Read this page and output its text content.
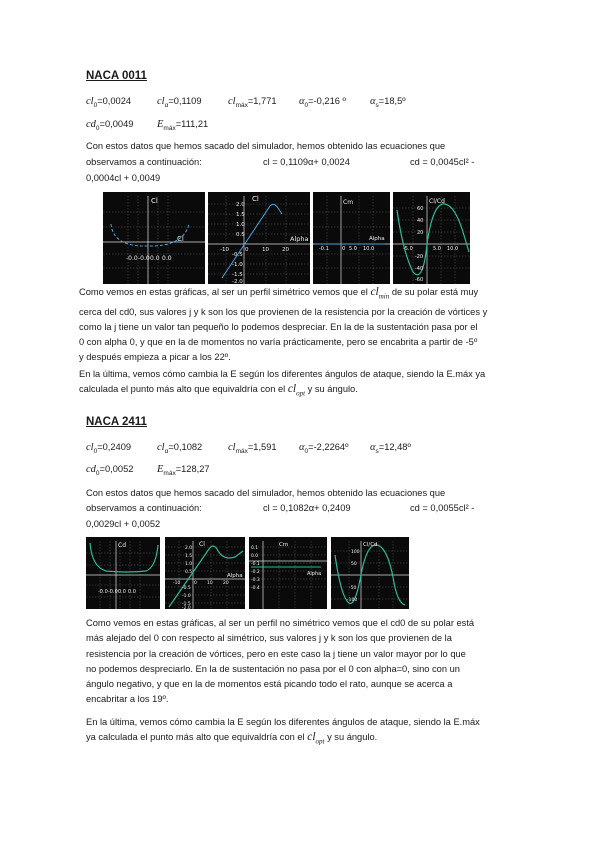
NACA 0011
$cl_0=0,0024$ $cl_\alpha=0,1109$	$cl_{máx}=1,771$ $\alpha_0=-0,216$ º $\alpha_s=18,5º$
$cd_0=0,0049$ $E_{máx}=111,21$
Con estos datos que hemos sacado del simulador, hemos obtenido las ecuaciones que
observamos a continuación:	cl = 0,1109α+ 0,0024	cd = 0,0045cl² -
0,0004cl + 0,0049
Cl
Cl
-0.0 -0.0 0.0 0.0
Cl
Alpha
2.0
1.5
1.0
0.5
-0.5
-1.0
-1.5
-2.0
-10	0 10 20
Cm
Alpha
-0.1	0 5.0 10.0
Cl/Cd
60
40
20
-20
-40
-60
-5.0	5.0 10.0
Como vemos en estas gráficas, al ser un perfil simétrico vemos que el $cl_{min}$ de su polar está muy
cerca del cd0, sus valores j y k son los que provienen de la resistencia por la creación de vórtices y
como la j tiene un valor tan pequeño lo podemos despreciar. En la de la sustentación pasa por el
0 con alpha 0, y que en la de momentos no varía prácticamente, pero se encabrita a partir de -5º
y después empieza a picar a los 22º.
En la última, vemos cómo cambia la E según los diferentes ángulos de ataque, siendo la E.máx ya
calculada el punto más alto que equivaldría con el $cl_{opt}$ y su ángulo.
NACA 2411
$cl_0=0,2409$ $cl_\alpha=0,1082$ $cl_{máx}=1,591$ $\alpha_0=-2,2264º$ $\alpha_s=12,48º$
$cd_0=0,0052$ $E_{máx}=128,27$
Con estos datos que hemos sacado del simulador, hemos obtenido las ecuaciones que
observamos a continuación:	cl = 0,1082α+ 0,2409	cd = 0,0055cl² -
0,0029cl + 0,0052
Cd
-0.0 -0.0 0.0 0.0
Cl
Alpha
2.0
1.5
1.0
0.5
-0.5
-1.0
-1.5
-2.0
-10	0 10 20
Cm
Alpha
0.1
0.0
-0.1
-0.2
-0.3
-0.4
Cl/Cd
100
50
-50
-100
Como vemos en estas gráficas, al ser un perfil no simétrico vemos que el cd0 de su polar está
más alejado del 0 con respecto al simétrico, sus valores j y k son los que provienen de la
resistencia por la creación de vórtices, pero en este caso la j tiene un valor mayor por lo que
no podemos despreciarlo. En la de sustentación no pasa por el 0 con alpha=0, sino con un
ángulo negativo, y que en la de momentos está picando todo el rato, aunque se acerca a
encabritar a los 19º.
En la última, vemos cómo cambia la E según los diferentes ángulos de ataque, siendo la E.máx
ya calculada el punto más alto que equivaldría con el $cl_{opt}$ y su ángulo.
